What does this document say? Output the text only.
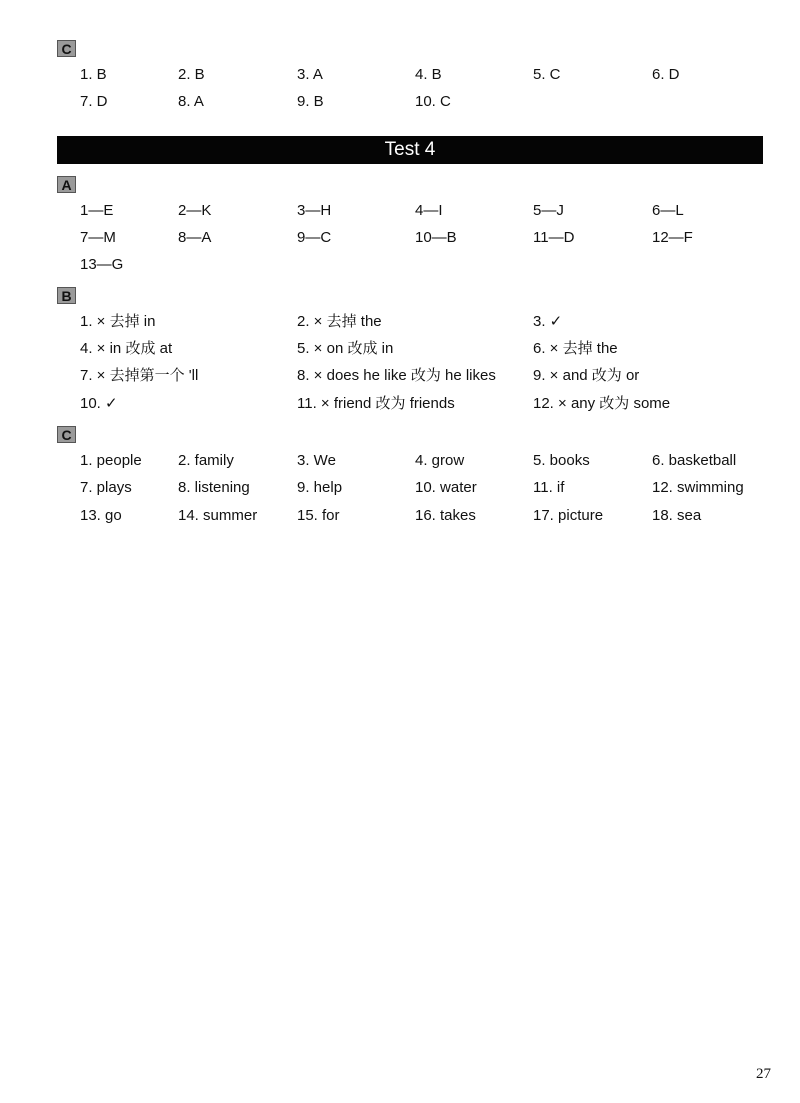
C
1. B	2. B	3. A	4. B	5. C	6. D
7. D	8. A	9. B	10. C
Test 4
A
1—E	2—K	3—H	4—I	5—J	6—L
7—M	8—A	9—C	10—B	11—D	12—F
13—G
B
1. × 去掉 in	2. × 去掉 the	3. ✓
4. × in 改成 at	5. × on 改成 in	6. × 去掉 the
7. × 去掉第一个 'll	8. × does he like 改为 he likes 9. × and 改为 or
10. ✓	11. × friend 改为 friends	12. × any 改为 some
C
1. people 2. family	3. We	4. grow	5. books	6. basketball
7. plays	8. listening	9. help	10. water	11. if	12. swimming
13. go	14. summer	15. for	16. takes	17. picture	18. sea
27
